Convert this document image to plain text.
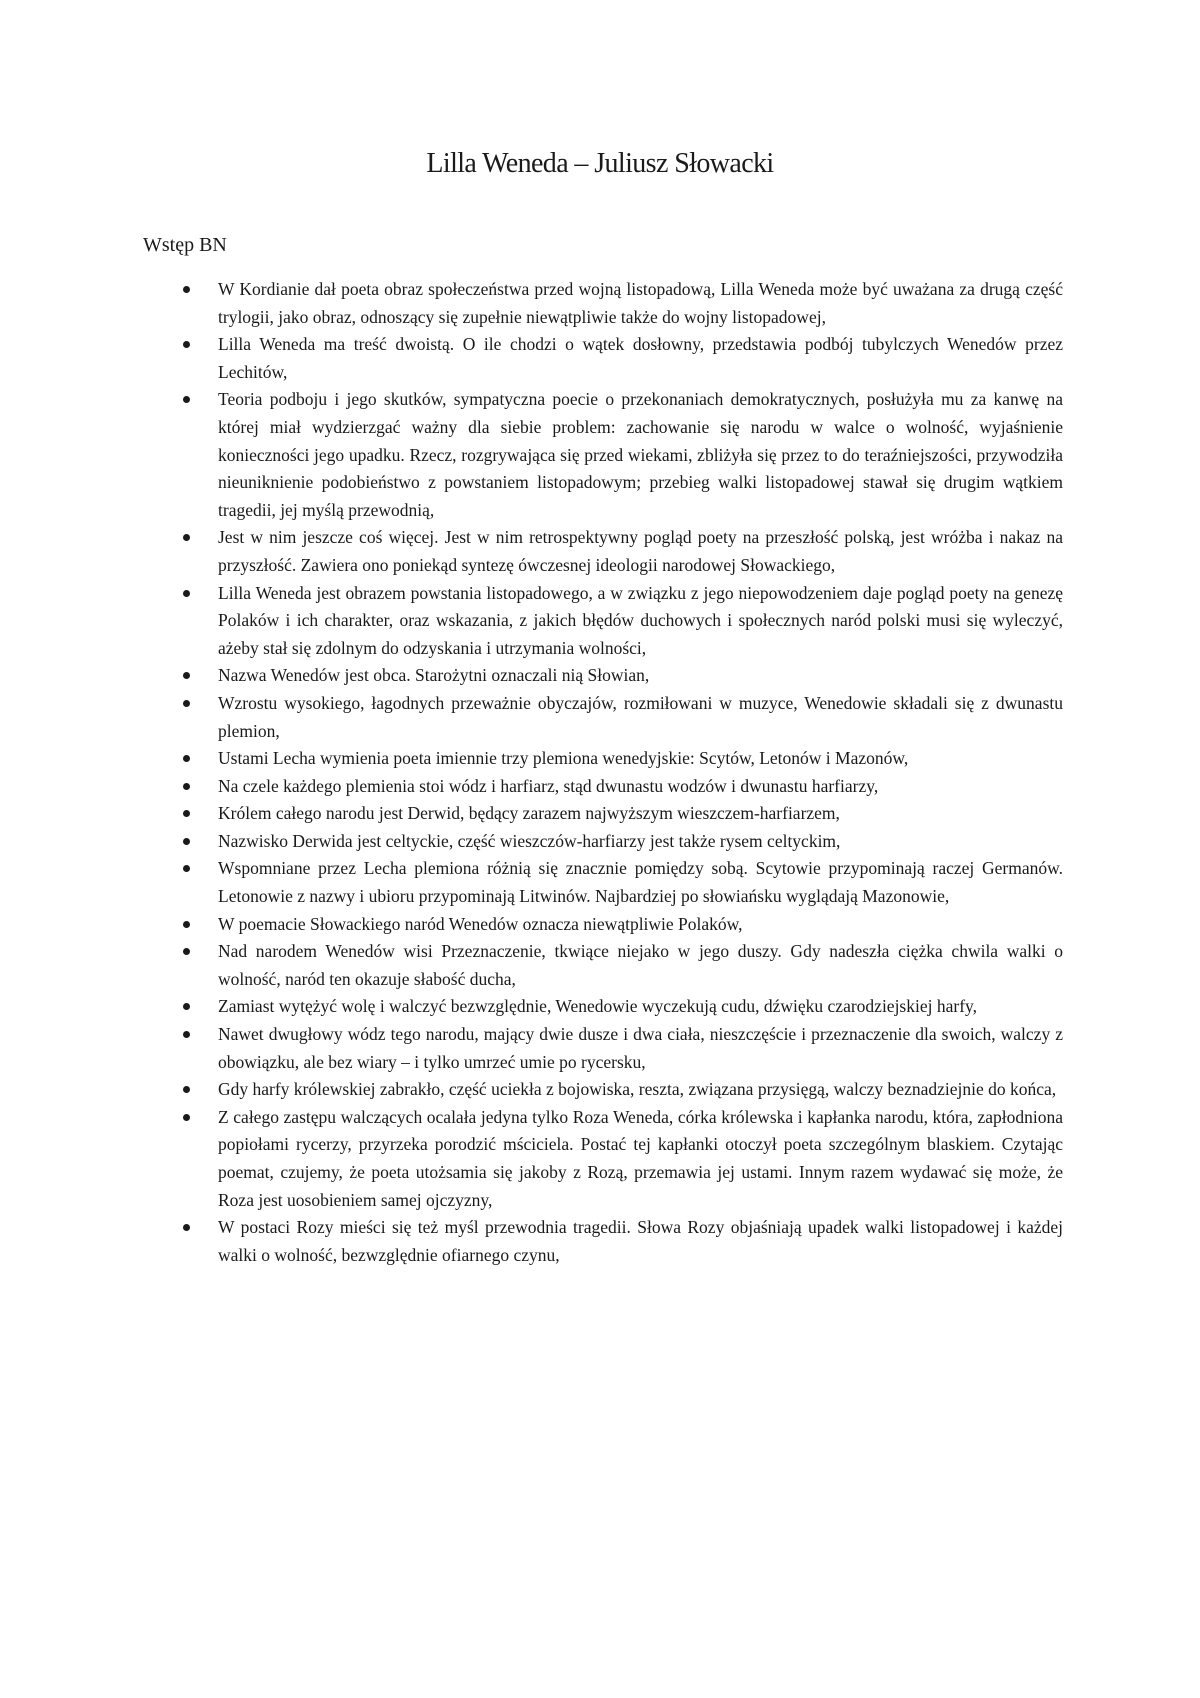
Lilla Weneda – Juliusz Słowacki
Wstęp BN
W Kordianie dał poeta obraz społeczeństwa przed wojną listopadową, Lilla Weneda może być uważana za drugą część trylogii, jako obraz, odnoszący się zupełnie niewątpliwie także do wojny listopadowej,
Lilla Weneda ma treść dwoistą. O ile chodzi o wątek dosłowny, przedstawia podbój tubylczych Wenedów przez Lechitów,
Teoria podboju i jego skutków, sympatyczna poecie o przekonaniach demokratycznych, posłużyła mu za kanwę na której miał wydzierzgać ważny dla siebie problem: zachowanie się narodu w walce o wolność, wyjaśnienie konieczności jego upadku. Rzecz, rozgrywająca się przed wiekami, zbliżyła się przez to do teraźniejszości, przywodziła nieuniknienie podobieństwo z powstaniem listopadowym; przebieg walki listopadowej stawał się drugim wątkiem tragedii, jej myślą przewodnią,
Jest w nim jeszcze coś więcej. Jest w nim retrospektywny pogląd poety na przeszłość polską, jest wróżba i nakaz na przyszłość. Zawiera ono poniekąd syntezę ówczesnej ideologii narodowej Słowackiego,
Lilla Weneda jest obrazem powstania listopadowego, a w związku z jego niepowodzeniem daje pogląd poety na genezę Polaków i ich charakter, oraz wskazania, z jakich błędów duchowych i społecznych naród polski musi się wyleczyć, ażeby stał się zdolnym do odzyskania i utrzymania wolności,
Nazwa Wenedów jest obca. Starożytni oznaczali nią Słowian,
Wzrostu wysokiego, łagodnych przeważnie obyczajów, rozmiłowani w muzyce, Wenedowie składali się z dwunastu plemion,
Ustami Lecha wymienia poeta imiennie trzy plemiona wenedyjskie: Scytów, Letonów i Mazonów,
Na czele każdego plemienia stoi wódz i harfiarz, stąd dwunastu wodzów i dwunastu harfiarzy,
Królem całego narodu jest Derwid, będący zarazem najwyższym wieszczem-harfiarzem,
Nazwisko Derwida jest celtyckie, część wieszczów-harfiarzy jest także rysem celtyckim,
Wspomniane przez Lecha plemiona różnią się znacznie pomiędzy sobą. Scytowie przypominają raczej Germanów. Letonowie z nazwy i ubioru przypominają Litwinów. Najbardziej po słowiańsku wyglądają Mazonowie,
W poemacie Słowackiego naród Wenedów oznacza niewątpliwie Polaków,
Nad narodem Wenedów wisi Przeznaczenie, tkwiące niejako w jego duszy. Gdy nadeszła ciężka chwila walki o wolność, naród ten okazuje słabość ducha,
Zamiast wytężyć wolę i walczyć bezwzględnie, Wenedowie wyczekują cudu, dźwięku czarodziejskiej harfy,
Nawet dwugłowy wódz tego narodu, mający dwie dusze i dwa ciała, nieszczęście i przeznaczenie dla swoich, walczy z obowiązku, ale bez wiary – i tylko umrzeć umie po rycersku,
Gdy harfy królewskiej zabrakło, część uciekła z bojowiska, reszta, związana przysięgą, walczy beznadziejnie do końca,
Z całego zastępu walczących ocalała jedyna tylko Roza Weneda, córka królewska i kapłanka narodu, która, zapłodniona popiołami rycerzy, przyrzeka porodzić mściciela. Postać tej kapłanki otoczył poeta szczególnym blaskiem. Czytając poemat, czujemy, że poeta utożsamia się jakoby z Rozą, przemawia jej ustami. Innym razem wydawać się może, że Roza jest uosobieniem samej ojczyzny,
W postaci Rozy mieści się też myśl przewodnia tragedii. Słowa Rozy objaśniają upadek walki listopadowej i każdej walki o wolność, bezwzględnie ofiarnego czynu,
